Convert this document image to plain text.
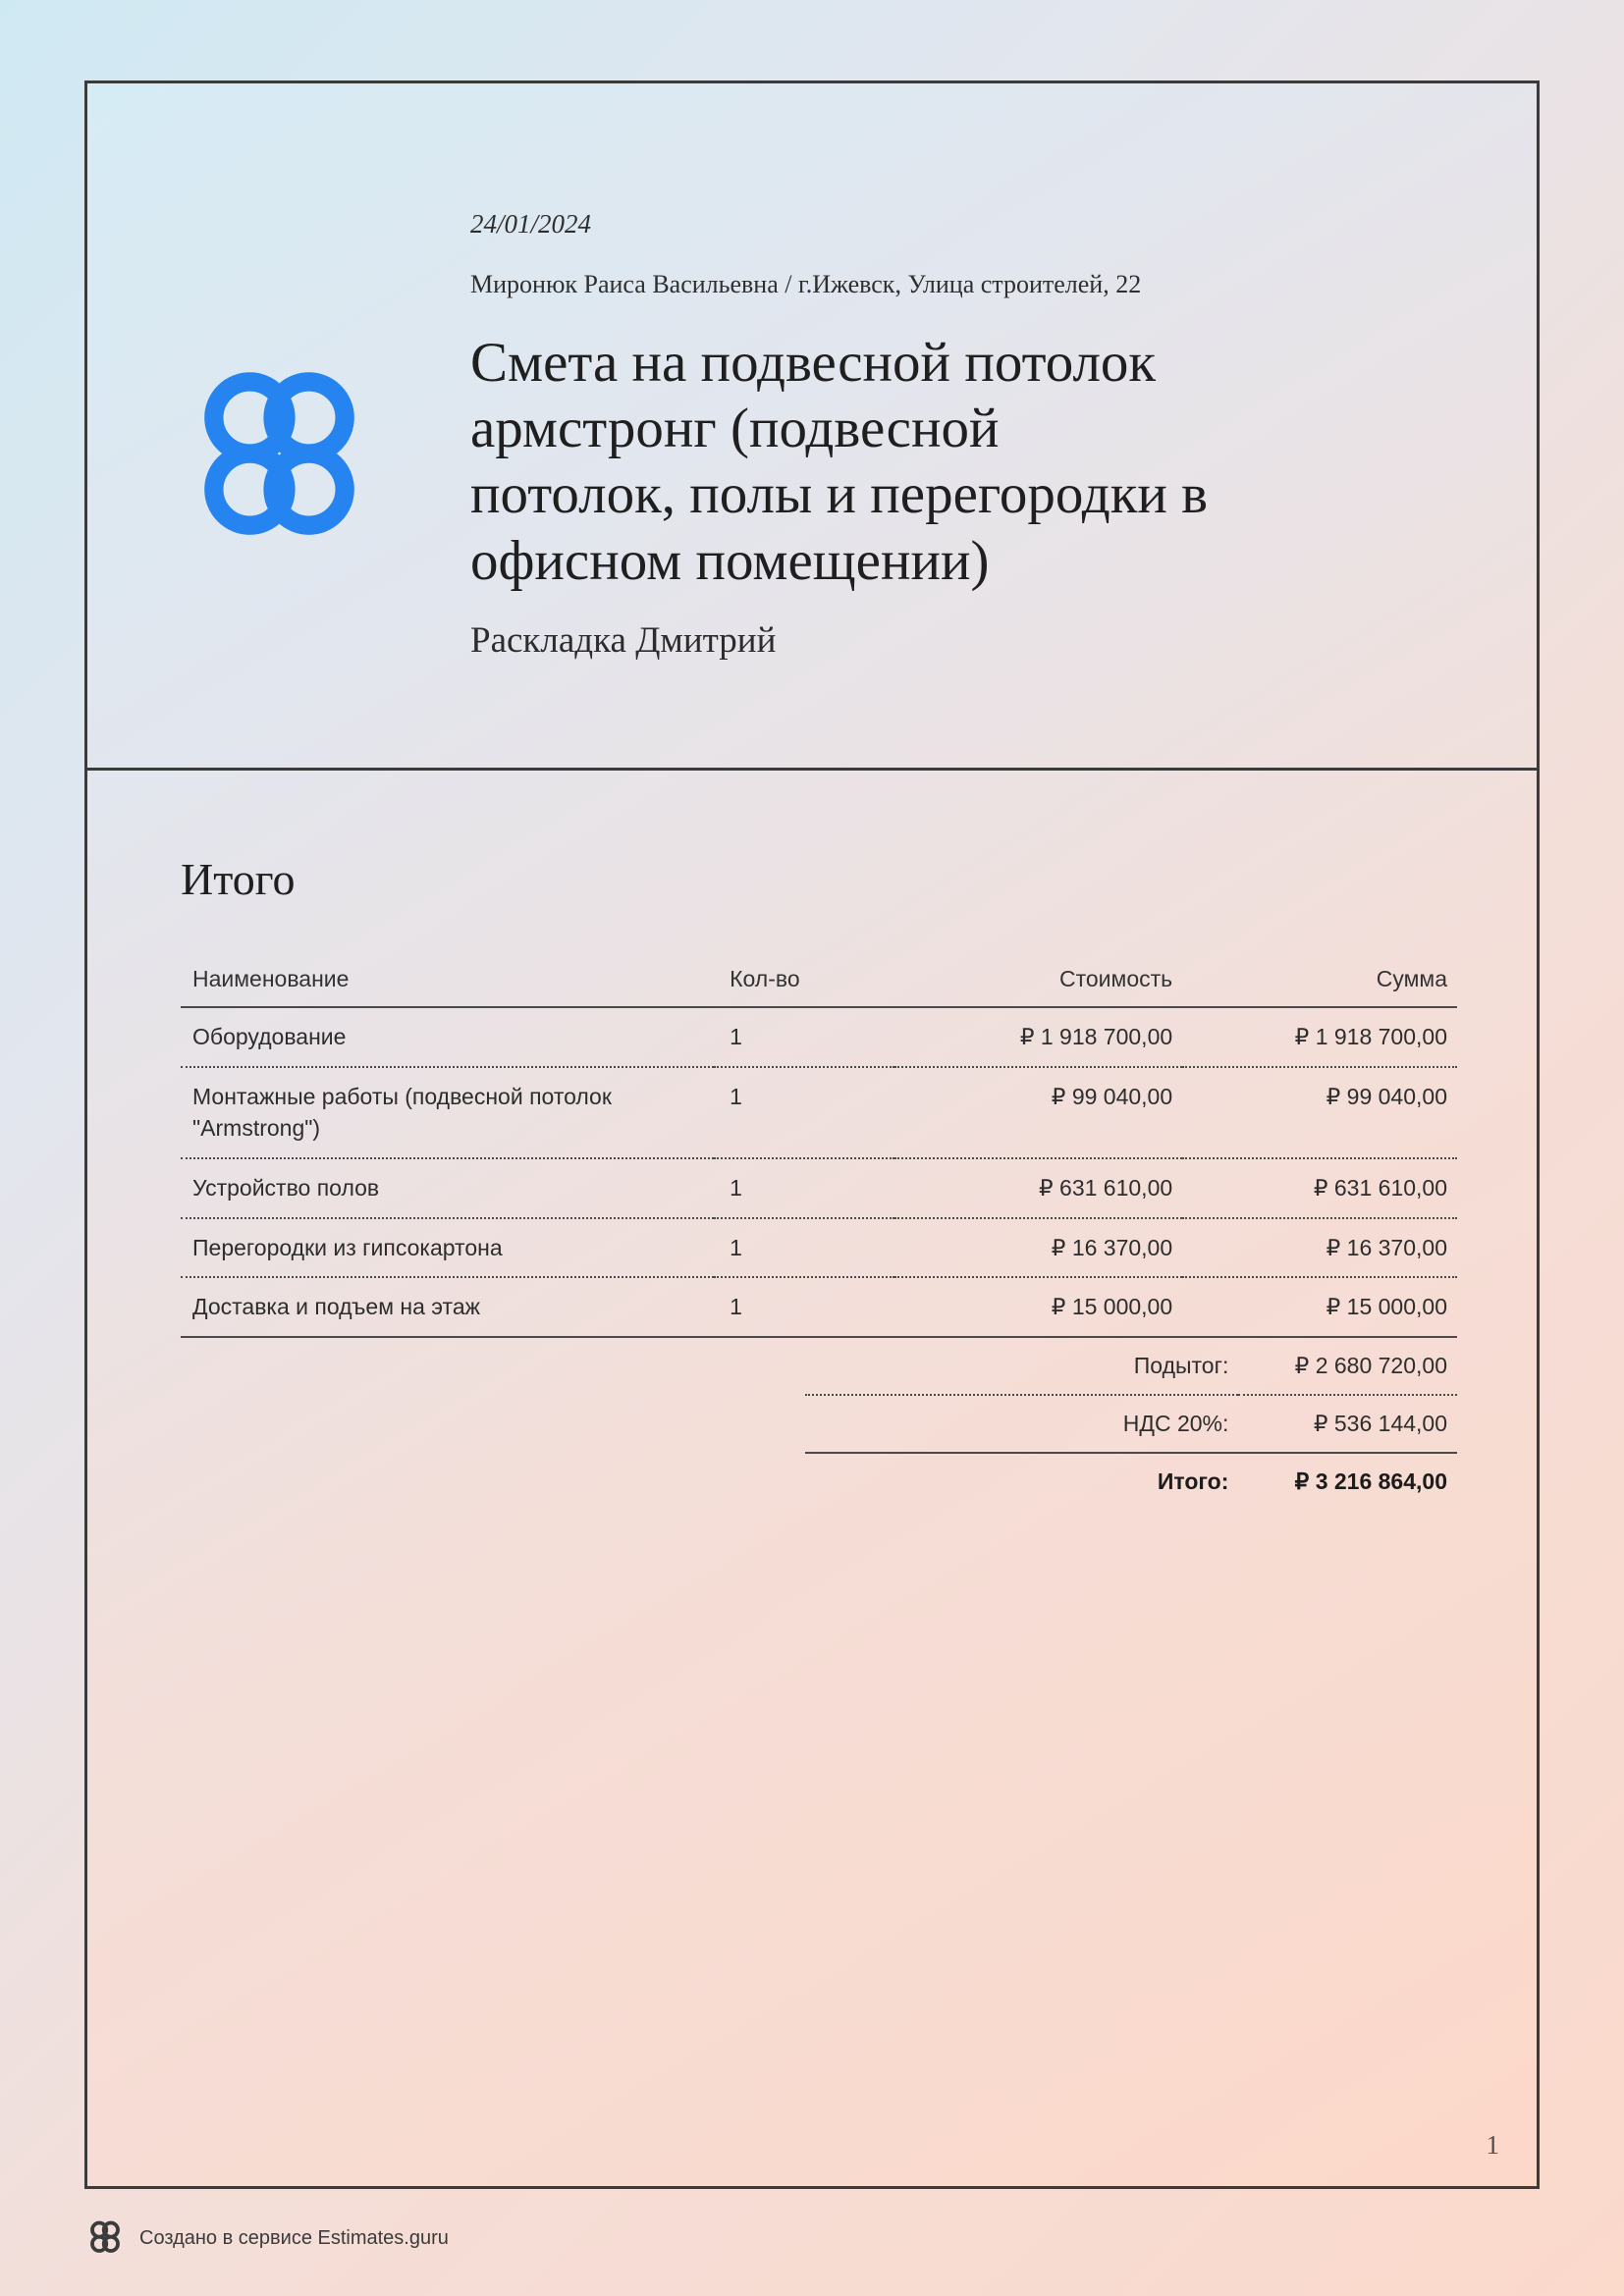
24/01/2024
Миронюк Раиса Васильевна / г.Ижевск, Улица строителей, 22
Смета на подвесной потолок армстронг (подвесной потолок, полы и перегородки в офисном помещении)
Раскладка Дмитрий
Итого
Наименование	Кол-во	Стоимость	Сумма
Оборудование	1	₽ 1 918 700,00	₽ 1 918 700,00
Монтажные работы (подвесной потолок "Armstrong")	1	₽ 99 040,00	₽ 99 040,00
Устройство полов	1	₽ 631 610,00	₽ 631 610,00
Перегородки из гипсокартона	1	₽ 16 370,00	₽ 16 370,00
Доставка и подъем на этаж	1	₽ 15 000,00	₽ 15 000,00
	Подытог:	₽ 2 680 720,00
	НДС 20%:	₽ 536 144,00
	Итого:	₽ 3 216 864,00
1
Создано в сервисе Estimates.guru
